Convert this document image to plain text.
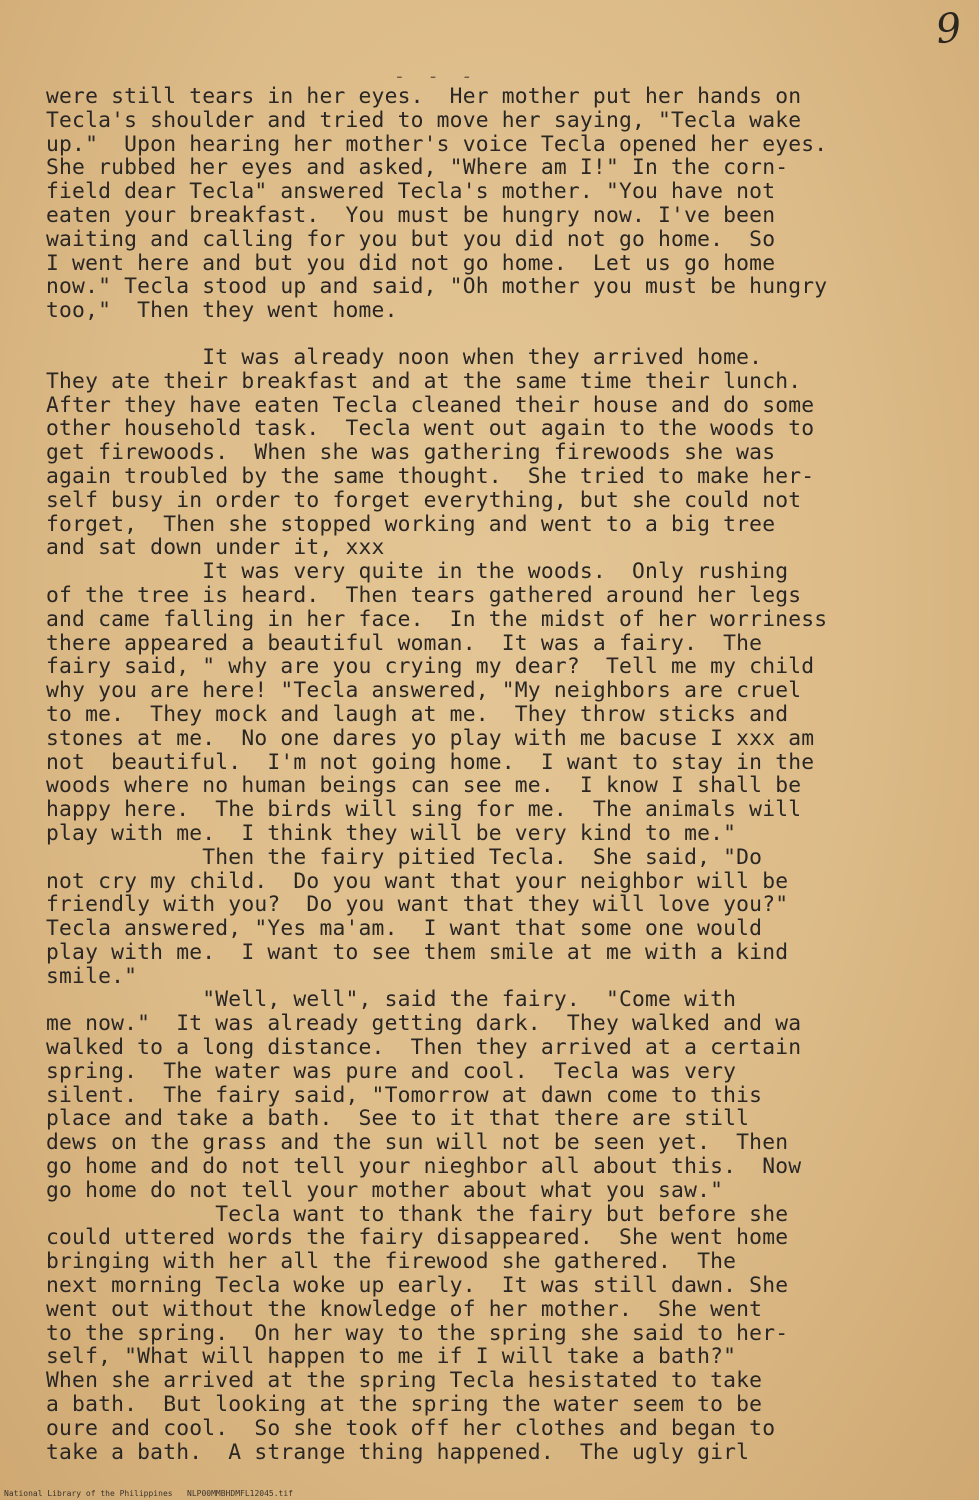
9
- - -
were still tears in her eyes.  Her mother put her hands on
Tecla's shoulder and tried to move her saying, "Tecla wake
up."  Upon hearing her mother's voice Tecla opened her eyes.
She rubbed her eyes and asked, "Where am I!" In the corn-
field dear Tecla" answered Tecla's mother. "You have not
eaten your breakfast.  You must be hungry now. I've been
waiting and calling for you but you did not go home.  So
I went here and but you did not go home.  Let us go home
now." Tecla stood up and said, "Oh mother you must be hungry
too,"  Then they went home.
It was already noon when they arrived home.
They ate their breakfast and at the same time their lunch.
After they have eaten Tecla cleaned their house and do some
other household task.  Tecla went out again to the woods to
get firewoods.  When she was gathering firewoods she was
again troubled by the same thought.  She tried to make her-
self busy in order to forget everything, but she could not
forget,  Then she stopped working and went to a big tree
and sat down under it, xxx
It was very quite in the woods.  Only rushing
of the tree is heard.  Then tears gathered around her legs
and came falling in her face.  In the midst of her worriness
there appeared a beautiful woman.  It was a fairy.  The
fairy said, " why are you crying my dear?  Tell me my child
why you are here! "Tecla answered, "My neighbors are cruel
to me.  They mock and laugh at me.  They throw sticks and
stones at me.  No one dares yo play with me bacuse I xxx am
not  beautiful.  I'm not going home.  I want to stay in the
woods where no human beings can see me.  I know I shall be
happy here.  The birds will sing for me.  The animals will
play with me.  I think they will be very kind to me."
Then the fairy pitied Tecla.  She said, "Do
not cry my child.  Do you want that your neighbor will be
friendly with you?  Do you want that they will love you?"
Tecla answered, "Yes ma'am.  I want that some one would
play with me.  I want to see them smile at me with a kind
smile."
"Well, well", said the fairy.  "Come with
me now."  It was already getting dark.  They walked and wa
walked to a long distance.  Then they arrived at a certain
spring.  The water was pure and cool.  Tecla was very
silent.  The fairy said, "Tomorrow at dawn come to this
place and take a bath.  See to it that there are still
dews on the grass and the sun will not be seen yet.  Then
go home and do not tell your nieghbor all about this.  Now
go home do not tell your mother about what you saw."
Tecla want to thank the fairy but before she
could uttered words the fairy disappeared.  She went home
bringing with her all the firewood she gathered.  The
next morning Tecla woke up early.  It was still dawn. She
went out without the knowledge of her mother.  She went
to the spring.  On her way to the spring she said to her-
self, "What will happen to me if I will take a bath?"
When she arrived at the spring Tecla hesistated to take
a bath.  But looking at the spring the water seem to be
oure and cool.  So she took off her clothes and began to
take a bath.  A strange thing happened.  The ugly girl
National Library of the Philippines   NLP00MMBHDMFL12045.tif
